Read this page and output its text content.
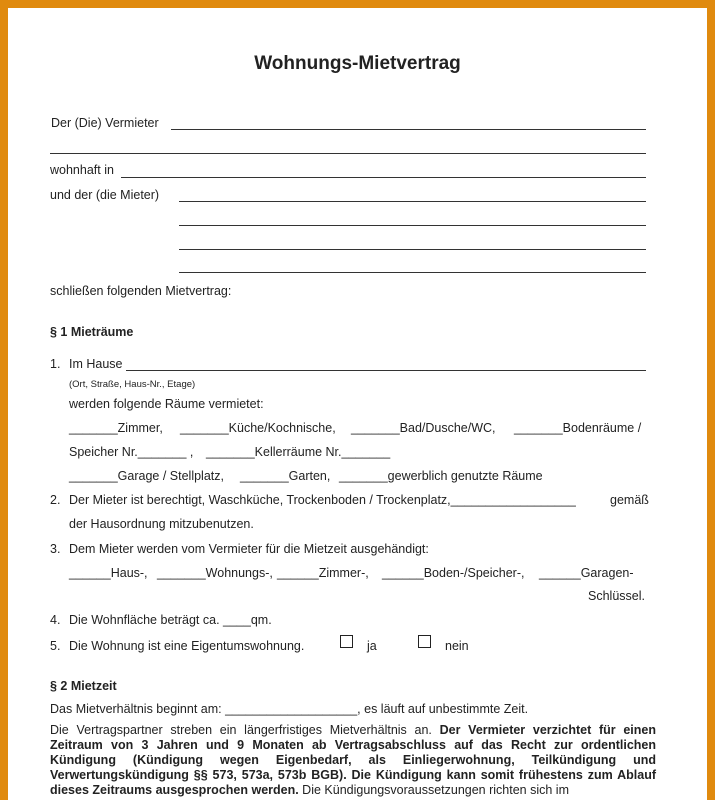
Wohnungs-Mietvertrag
Der (Die) Vermieter
wohnhaft in
und der (die Mieter)
schließen folgenden Mietvertrag:
§ 1 Mieträume
1. Im Hause
(Ort, Straße, Haus-Nr., Etage)
werden folgende Räume vermietet:
_______Zimmer, _______Küche/Kochnische, _______Bad/Dusche/WC, _______Bodenräume /
Speicher Nr._______ , _______Kellerräume Nr._______
_______Garage / Stellplatz, _______Garten, _______gewerblich genutzte Räume
2. Der Mieter ist berechtigt, Waschküche, Trockenboden / Trockenplatz,__________________	gemäß
der Hausordnung mitzubenutzen.
3. Dem Mieter werden vom Vermieter für die Mietzeit ausgehändigt:
______Haus-, _______Wohnungs-, ______Zimmer-, ______Boden-/Speicher-, ______Garagen-
Schlüssel.
4. Die Wohnfläche beträgt ca. ____qm.
5. Die Wohnung ist eine Eigentumswohnung.	ja	nein
§ 2 Mietzeit
Das Mietverhältnis beginnt am: ___________________, es läuft auf unbestimmte Zeit.
Die Vertragspartner streben ein längerfristiges Mietverhältnis an. Der Vermieter verzichtet für einen Zeitraum von 3 Jahren und 9 Monaten ab Vertragsabschluss auf das Recht zur ordentlichen Kündigung (Kündigung wegen Eigenbedarf, als Einliegerwohnung, Teilkündigung und Verwertungskündigung §§ 573, 573a, 573b BGB). Die Kündigung kann somit frühestens zum Ablauf dieses Zeitraums ausgesprochen werden. Die Kündigungsvoraussetzungen richten sich im
